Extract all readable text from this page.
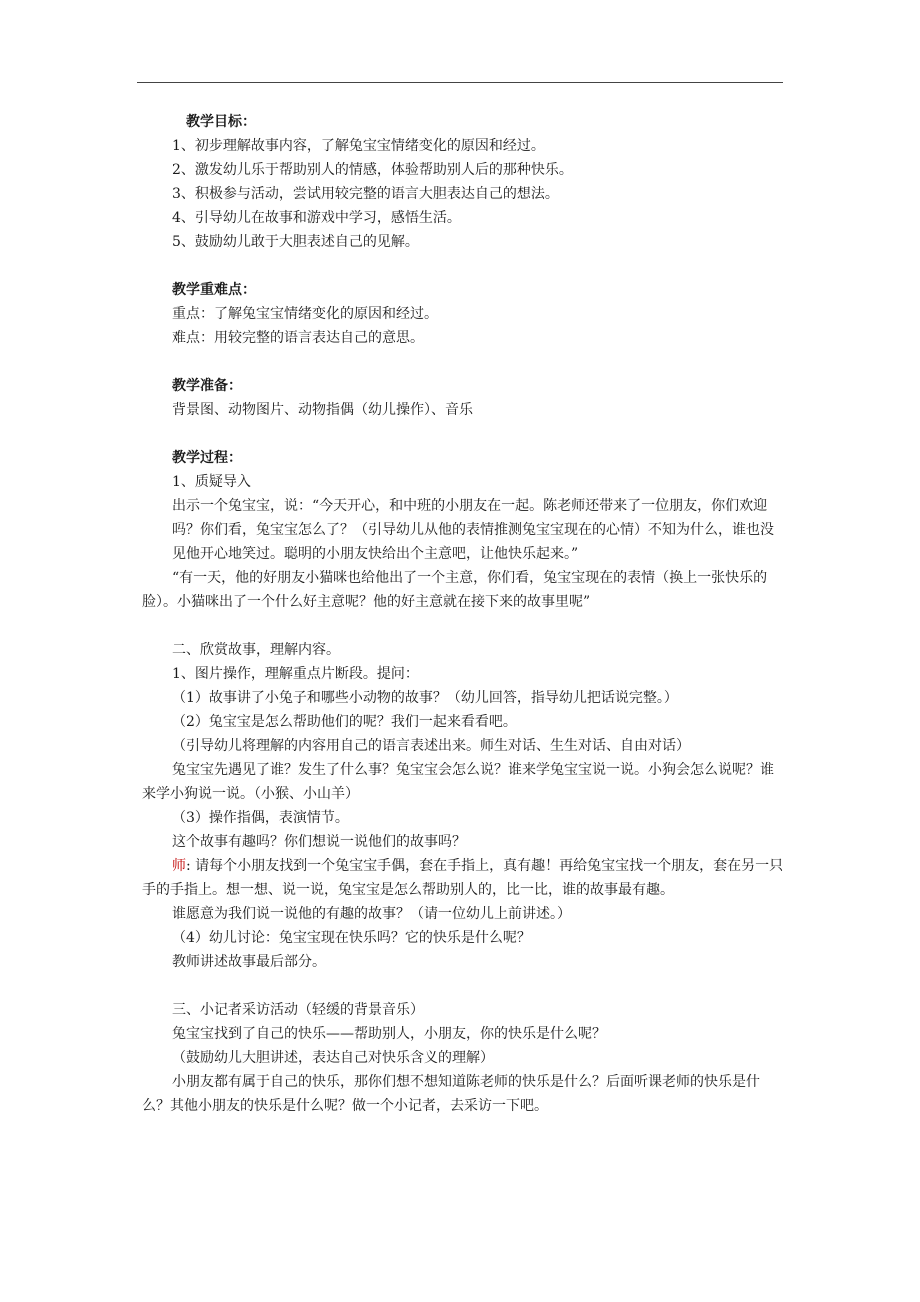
教学目标：
1、初步理解故事内容，了解兔宝宝情绪变化的原因和经过。
2、激发幼儿乐于帮助别人的情感，体验帮助别人后的那种快乐。
3、积极参与活动，尝试用较完整的语言大胆表达自己的想法。
4、引导幼儿在故事和游戏中学习，感悟生活。
5、鼓励幼儿敢于大胆表述自己的见解。
教学重难点：
重点：了解兔宝宝情绪变化的原因和经过。
难点：用较完整的语言表达自己的意思。
教学准备：
背景图、动物图片、动物指偶（幼儿操作）、音乐
教学过程：
1、质疑导入
出示一个兔宝宝，说：“今天开心，和中班的小朋友在一起。陈老师还带来了一位朋友，你们欢迎吗？你们看，兔宝宝怎么了？（引导幼儿从他的表情推测兔宝宝现在的心情）不知为什么，谁也没见他开心地笑过。聪明的小朋友快给出个主意吧，让他快乐起来。”
“有一天，他的好朋友小猫咪也给他出了一个主意，你们看，兔宝宝现在的表情（换上一张快乐的脸）。小猫咪出了一个什么好主意呢？他的好主意就在接下来的故事里呢”
二、欣赏故事，理解内容。
1、图片操作，理解重点片断段。提问：
（1）故事讲了小兔子和哪些小动物的故事？（幼儿回答，指导幼儿把话说完整。）
（2）兔宝宝是怎么帮助他们的呢？我们一起来看看吧。
（引导幼儿将理解的内容用自己的语言表述出来。师生对话、生生对话、自由对话）
兔宝宝先遇见了谁？发生了什么事？兔宝宝会怎么说？谁来学兔宝宝说一说。小狗会怎么说呢？谁来学小狗说一说。（小猴、小山羊）
（3）操作指偶，表演情节。
这个故事有趣吗？你们想说一说他们的故事吗？
师: 请每个小朋友找到一个兔宝宝手偶，套在手指上，真有趣！再给兔宝宝找一个朋友，套在另一只手的手指上。想一想、说一说，兔宝宝是怎么帮助别人的，比一比，谁的故事最有趣。
谁愿意为我们说一说他的有趣的故事？（请一位幼儿上前讲述。）
（4）幼儿讨论：兔宝宝现在快乐吗？它的快乐是什么呢？
教师讲述故事最后部分。
三、小记者采访活动（轻缓的背景音乐）
兔宝宝找到了自己的快乐——帮助别人，小朋友，你的快乐是什么呢？
（鼓励幼儿大胆讲述，表达自己对快乐含义的理解）
小朋友都有属于自己的快乐，那你们想不想知道陈老师的快乐是什么？后面听课老师的快乐是什么？其他小朋友的快乐是什么呢？做一个小记者，去采访一下吧。
